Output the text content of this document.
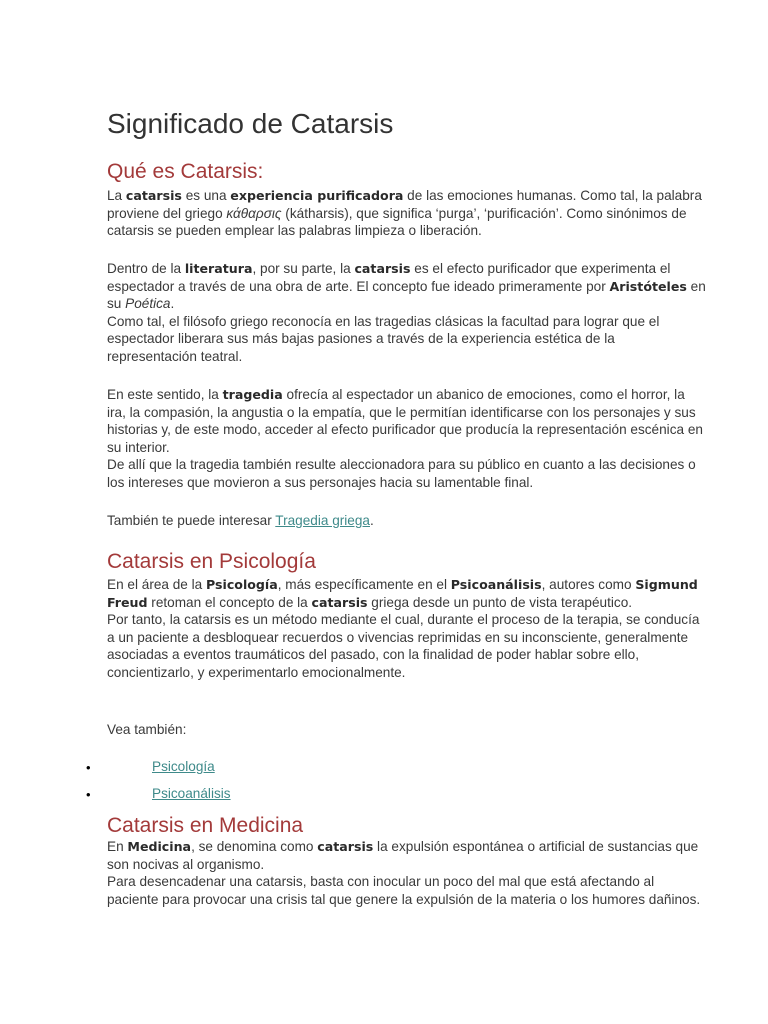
Significado de Catarsis
Qué es Catarsis:

La catarsis es una experiencia purificadora de las emociones humanas. Como tal, la palabra proviene del griego κάθαρσις (kátharsis), que significa ‘purga’, ‘purificación’. Como sinónimos de catarsis se pueden emplear las palabras limpieza o liberación.

Dentro de la literatura, por su parte, la catarsis es el efecto purificador que experimenta el espectador a través de una obra de arte. El concepto fue ideado primeramente por Aristóteles en su Poética.
Como tal, el filósofo griego reconocía en las tragedias clásicas la facultad para lograr que el espectador liberara sus más bajas pasiones a través de la experiencia estética de la representación teatral.

En este sentido, la tragedia ofrecía al espectador un abanico de emociones, como el horror, la ira, la compasión, la angustia o la empatía, que le permitían identificarse con los personajes y sus historias y, de este modo, acceder al efecto purificador que producía la representación escénica en su interior.
De allí que la tragedia también resulte aleccionadora para su público en cuanto a las decisiones o los intereses que movieron a sus personajes hacia su lamentable final.

También te puede interesar Tragedia griega.

Catarsis en Psicología

En el área de la Psicología, más específicamente en el Psicoanálisis, autores como Sigmund Freud retoman el concepto de la catarsis griega desde un punto de vista terapéutico.
Por tanto, la catarsis es un método mediante el cual, durante el proceso de la terapia, se conducía a un paciente a desbloquear recuerdos o vivencias reprimidas en su inconsciente, generalmente asociadas a eventos traumáticos del pasado, con la finalidad de poder hablar sobre ello, concientizarlo, y experimentarlo emocionalmente.

Vea también:

•	Psicología
•	Psicoanálisis
Catarsis en Medicina

En Medicina, se denomina como catarsis la expulsión espontánea o artificial de sustancias que son nocivas al organismo.
Para desencadenar una catarsis, basta con inocular un poco del mal que está afectando al paciente para provocar una crisis tal que genere la expulsión de la materia o los humores dañinos.
